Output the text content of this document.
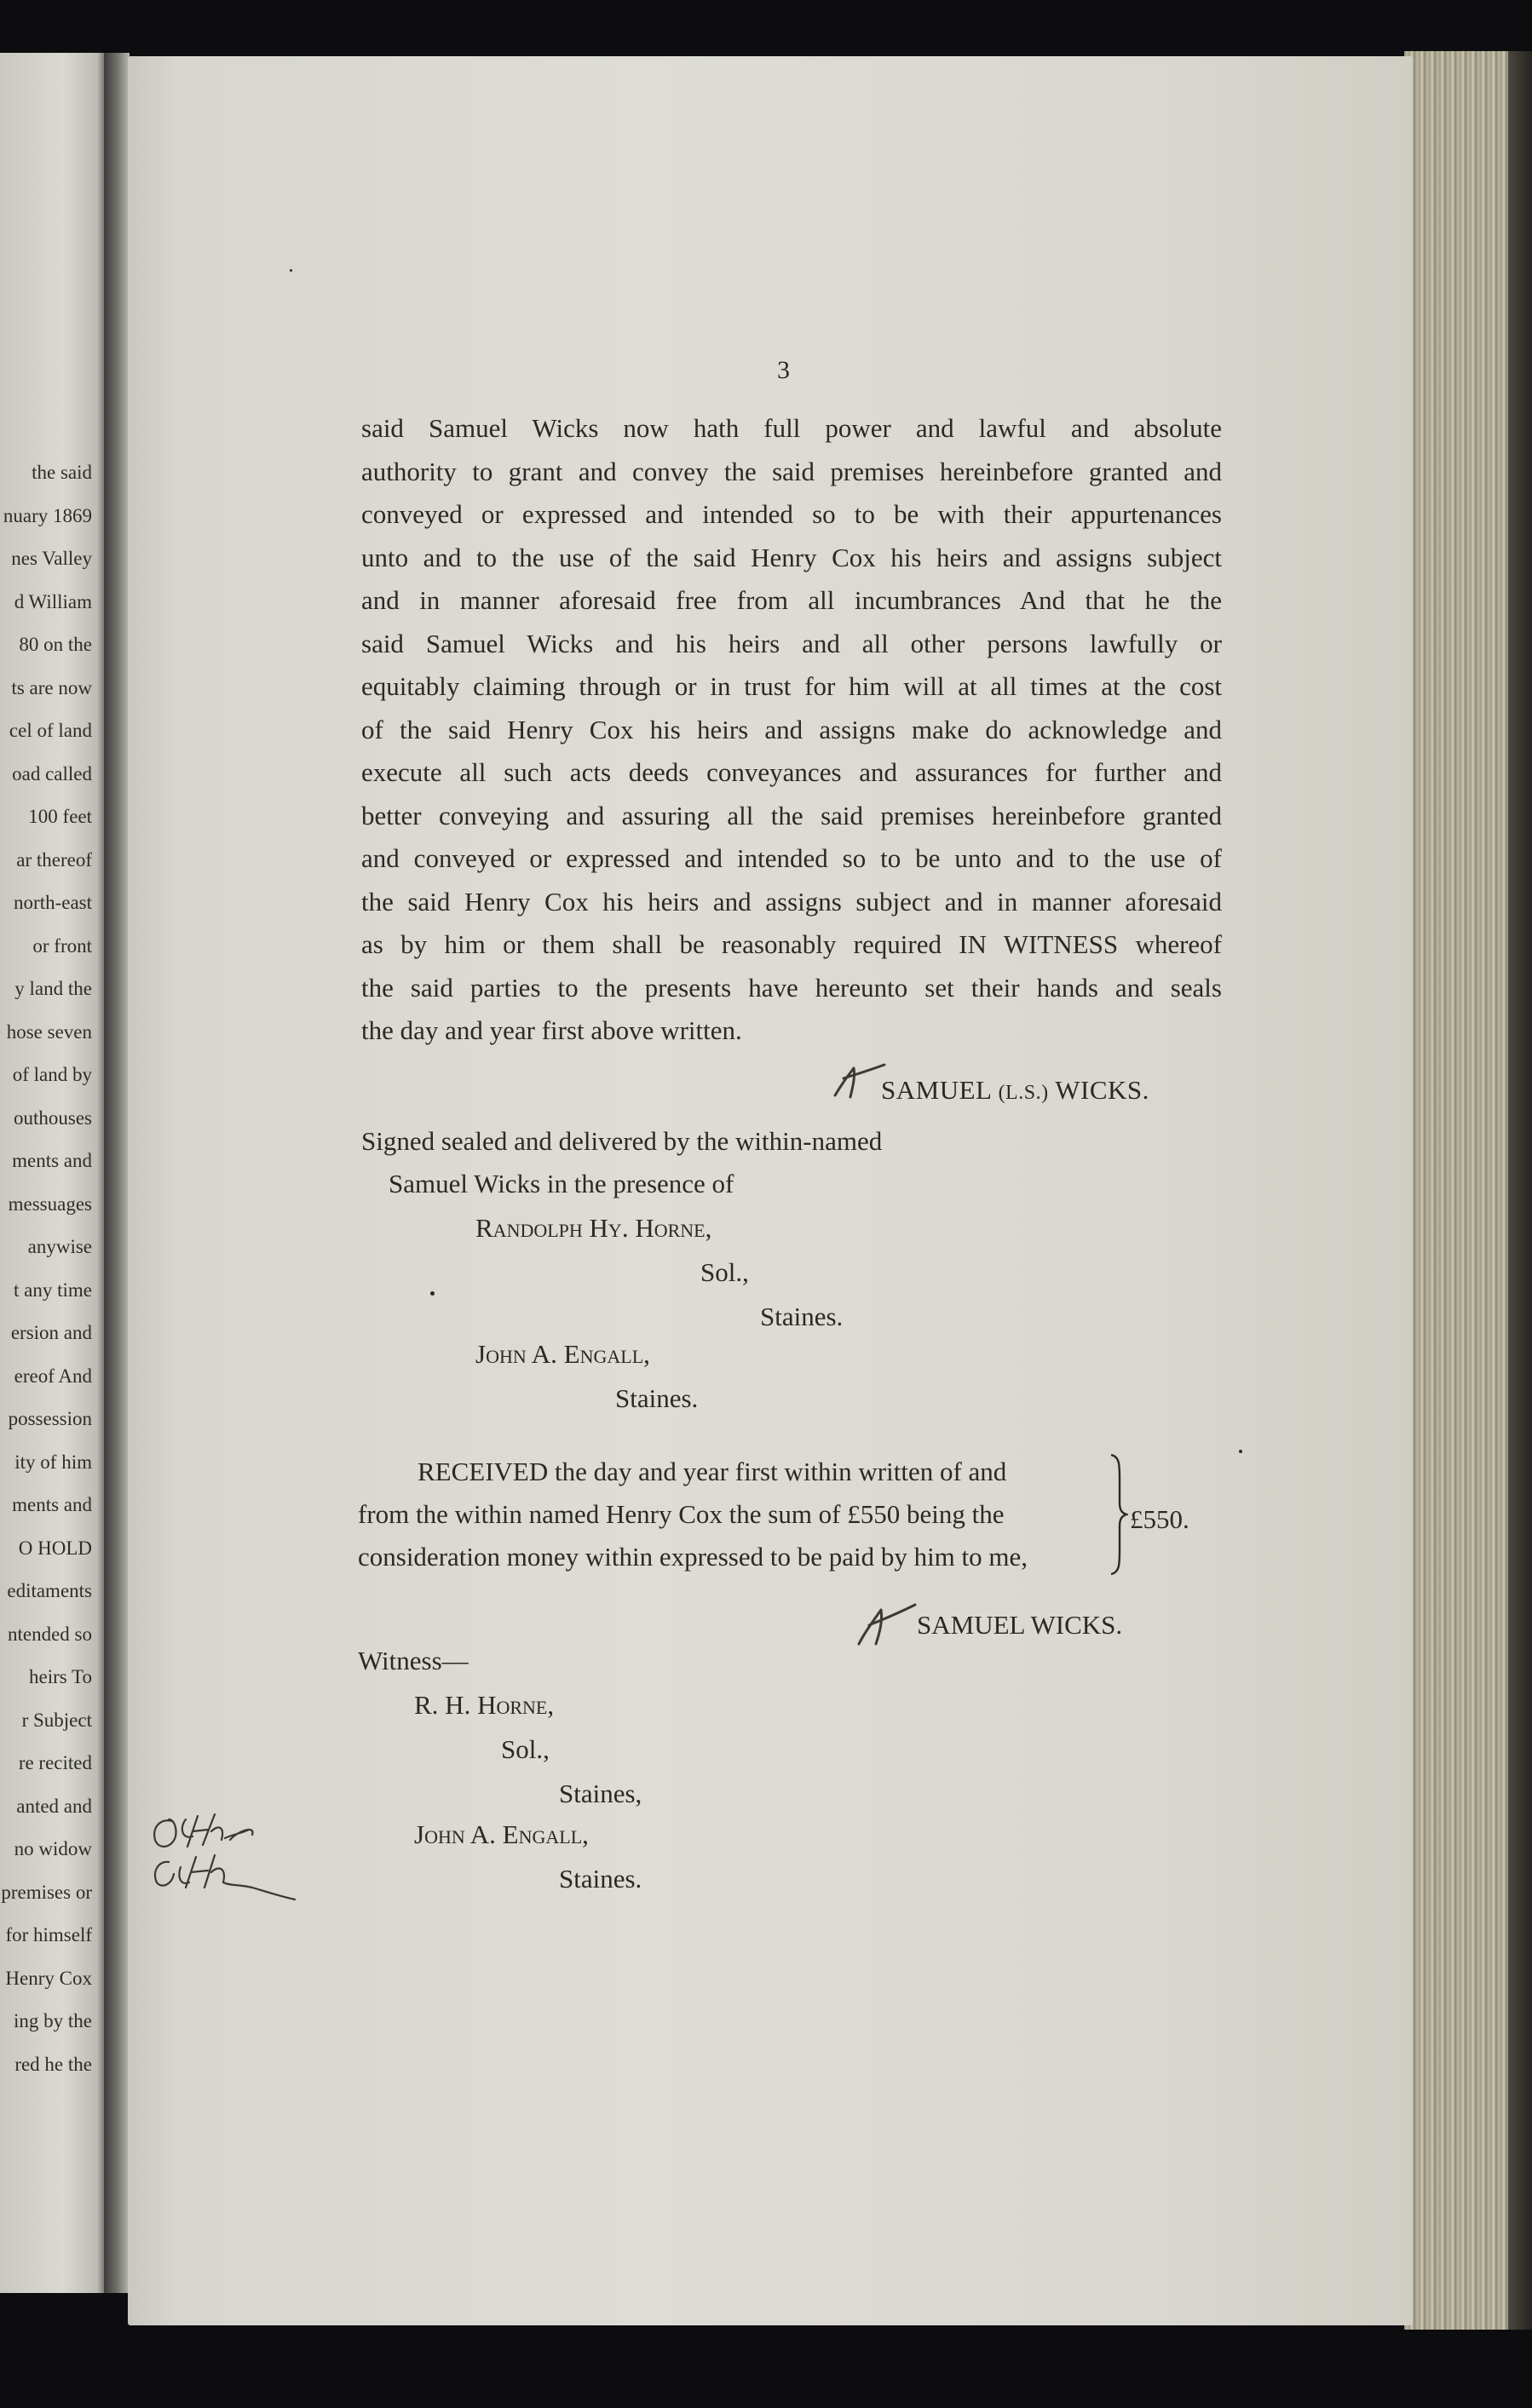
the said
nuary 1869
nes Valley
d William
80 on the
ts are now
cel of land
oad called
100 feet
ar thereof
north-east
or front
y land the
hose seven
of land by
outhouses
ments and
messuages
anywise
t any time
ersion and
ereof And
possession
ity of him
ments and
O HOLD
editaments
ntended so
heirs To
r Subject
re recited
anted and
no widow
premises or
for himself
Henry Cox
ing by the
red he the
3
said Samuel Wicks now hath full power and lawful and absolute
authority to grant and convey the said premises hereinbefore granted and
conveyed or expressed and intended so to be with their appurtenances
unto and to the use of the said Henry Cox his heirs and assigns subject
and in manner aforesaid free from all incumbrances And that he the
said Samuel Wicks and his heirs and all other persons lawfully or
equitably claiming through or in trust for him will at all times at the cost
of the said Henry Cox his heirs and assigns make do acknowledge and
execute all such acts deeds conveyances and assurances for further and
better conveying and assuring all the said premises hereinbefore granted
and conveyed or expressed and intended so to be unto and to the use of
the said Henry Cox his heirs and assigns subject and in manner aforesaid
as by him or them shall be reasonably required IN WITNESS whereof
the said parties to the presents have hereunto set their hands and seals
the day and year first above written.
SAMUEL (L.S.) WICKS.
Signed sealed and delivered by the within-named
Samuel Wicks in the presence of
Randolph Hy. Horne,
Sol.,
Staines.
John A. Engall,
Staines.
RECEIVED the day and year first within written of and
from the within named Henry Cox the sum of £550 being the
consideration money within expressed to be paid by him to me,
£550.
SAMUEL WICKS.
Witness—
R. H. Horne,
Sol.,
Staines,
John A. Engall,
Staines.
